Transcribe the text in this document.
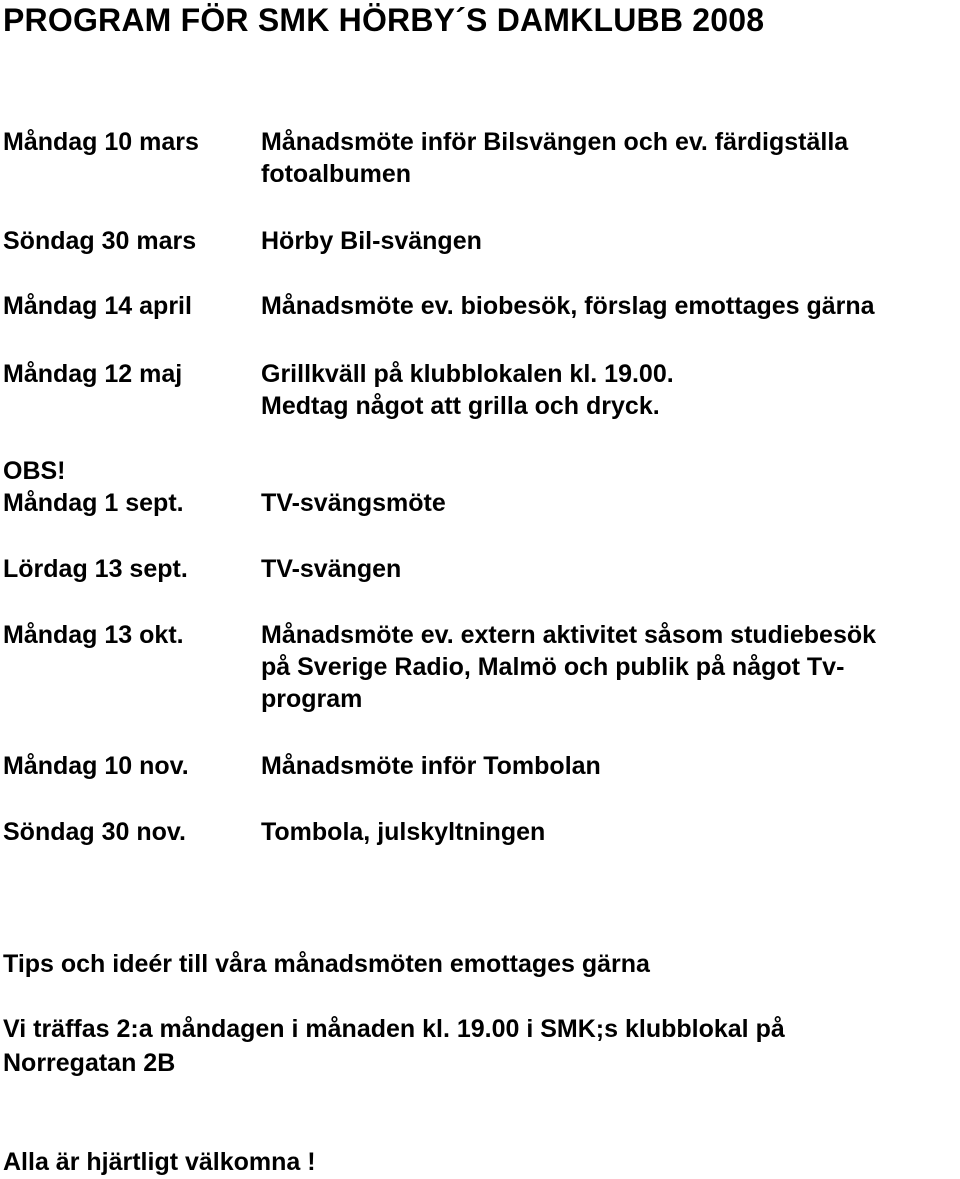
PROGRAM FÖR SMK HÖRBY´S DAMKLUBB 2008
Måndag 10 mars Månadsmöte inför Bilsvängen och ev. färdigställa
fotoalbumen
Söndag 30 mars	Hörby Bil-svängen
Måndag 14 april	Månadsmöte ev. biobesök, förslag emottages gärna
Måndag 12 maj	Grillkväll på klubblokalen kl. 19.00.
Medtag något att grilla och dryck.
OBS!
Måndag 1 sept.	TV-svängsmöte
Lördag 13 sept.	TV-svängen
Måndag 13 okt.	Månadsmöte ev. extern aktivitet såsom studiebesök
på Sverige Radio, Malmö och publik på något Tv-
program
Måndag 10 nov.	Månadsmöte inför Tombolan
Söndag 30 nov.	Tombola, julskyltningen
Tips och ideér till våra månadsmöten emottages gärna
Vi träffas 2:a måndagen i månaden kl. 19.00 i SMK;s klubblokal på
Norregatan 2B
Alla är hjärtligt välkomna !
